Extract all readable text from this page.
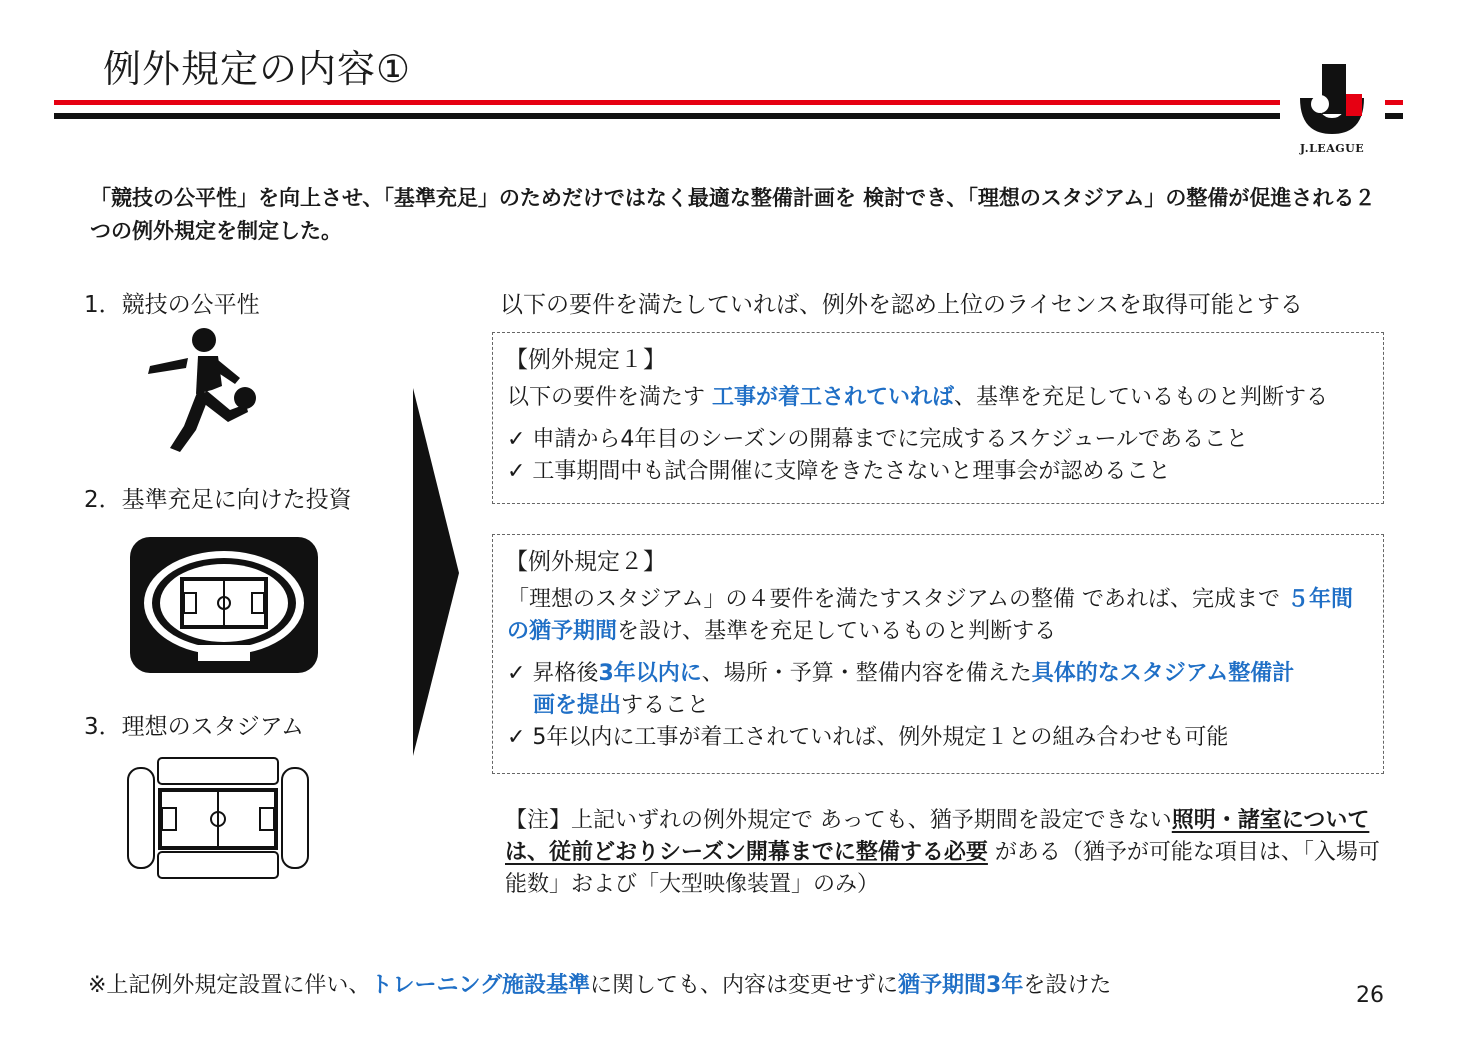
例外規定の内容①
J.LEAGUE
「競技の公平性」を向上させ、「基準充足」のためだけではなく最適な整備計画を 検討でき、「理想のスタジアム」の整備が促進される２つの例外規定を制定した。
1．競技の公平性
2．基準充足に向けた投資
3．理想のスタジアム
以下の要件を満たしていれば、例外を認め上位のライセンスを取得可能とする
【例外規定１】
以下の要件を満たす 工事が着工されていれば、基準を充足しているものと判断する
✓ 申請から4年目のシーズンの開幕までに完成するスケジュールであること
✓ 工事期間中も試合開催に支障をきたさないと理事会が認めること
【例外規定２】
「理想のスタジアム」の４要件を満たすスタジアムの整備 であれば、完成まで ５年間
の猶予期間を設け、基準を充足しているものと判断する
✓ 昇格後3年以内に、場所・予算・整備内容を備えた具体的なスタジアム整備計
画を提出すること
✓ 5年以内に工事が着工されていれば、例外規定１との組み合わせも可能
【注】上記いずれの例外規定で あっても、猶予期間を設定できない照明・諸室については、従前どおりシーズン開幕までに整備する必要 がある（猶予が可能な項目は、「入場可能数」および「大型映像装置」のみ）
※上記例外規定設置に伴い、トレーニング施設基準に関しても、内容は変更せずに猶予期間3年を設けた	26
